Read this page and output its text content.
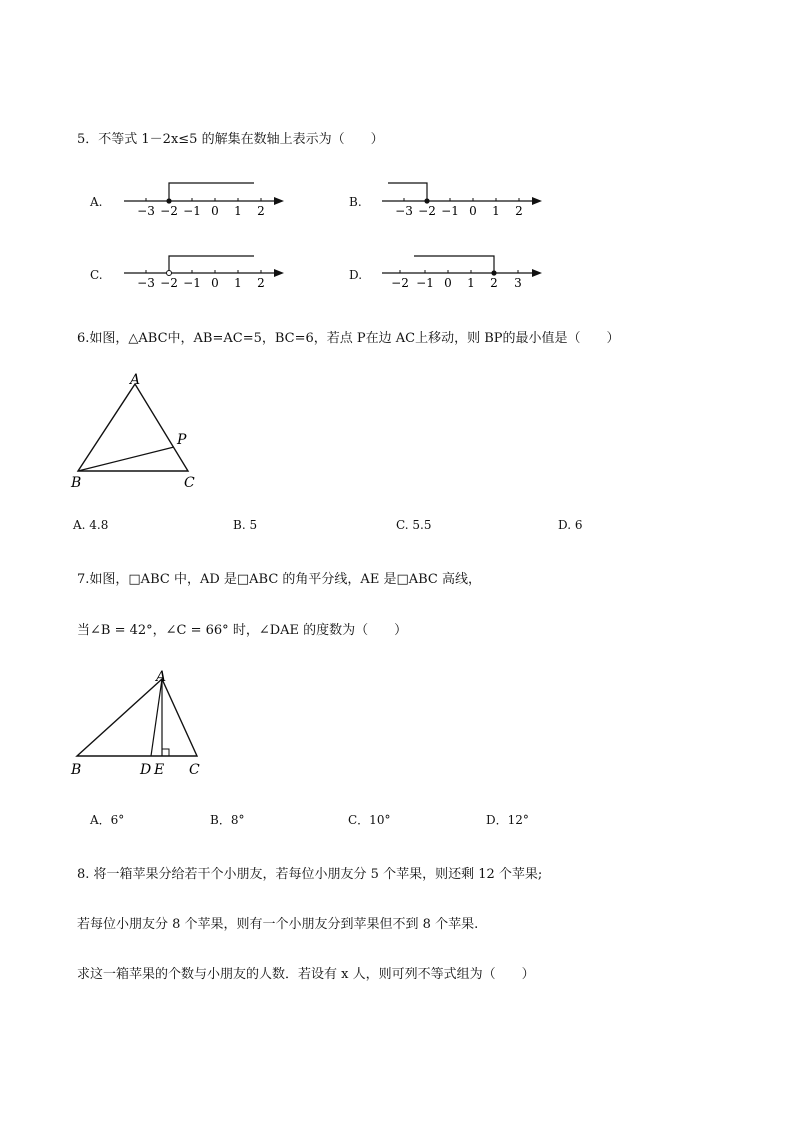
5．不等式 1－2x≤5 的解集在数轴上表示为（　　）
A.
−3 −2 −1 0 1 2
B.
−3 −2 −1 0 1 2
C.
−3 −2 −1 0 1 2
D.
−2 −1 0 1 2 3
6.如图，△ABC中，AB=AC=5，BC=6，若点 P在边 AC上移动，则 BP的最小值是（　　）
A
B	C
P
A. 4.8	B. 5	C. 5.5	D. 6
7.如图，□ABC 中，AD 是□ABC 的角平分线，AE 是□ABC 高线，
当∠B = 42°，∠C = 66° 时，∠DAE 的度数为（　　）
A
B	D E C
A．6°	B．8°	C．10°	D．12°
8. 将一箱苹果分给若干个小朋友，若每位小朋友分 5 个苹果，则还剩 12 个苹果;
若每位小朋友分 8 个苹果，则有一个小朋友分到苹果但不到 8 个苹果.
求这一箱苹果的个数与小朋友的人数．若设有 x 人，则可列不等式组为（　　）
